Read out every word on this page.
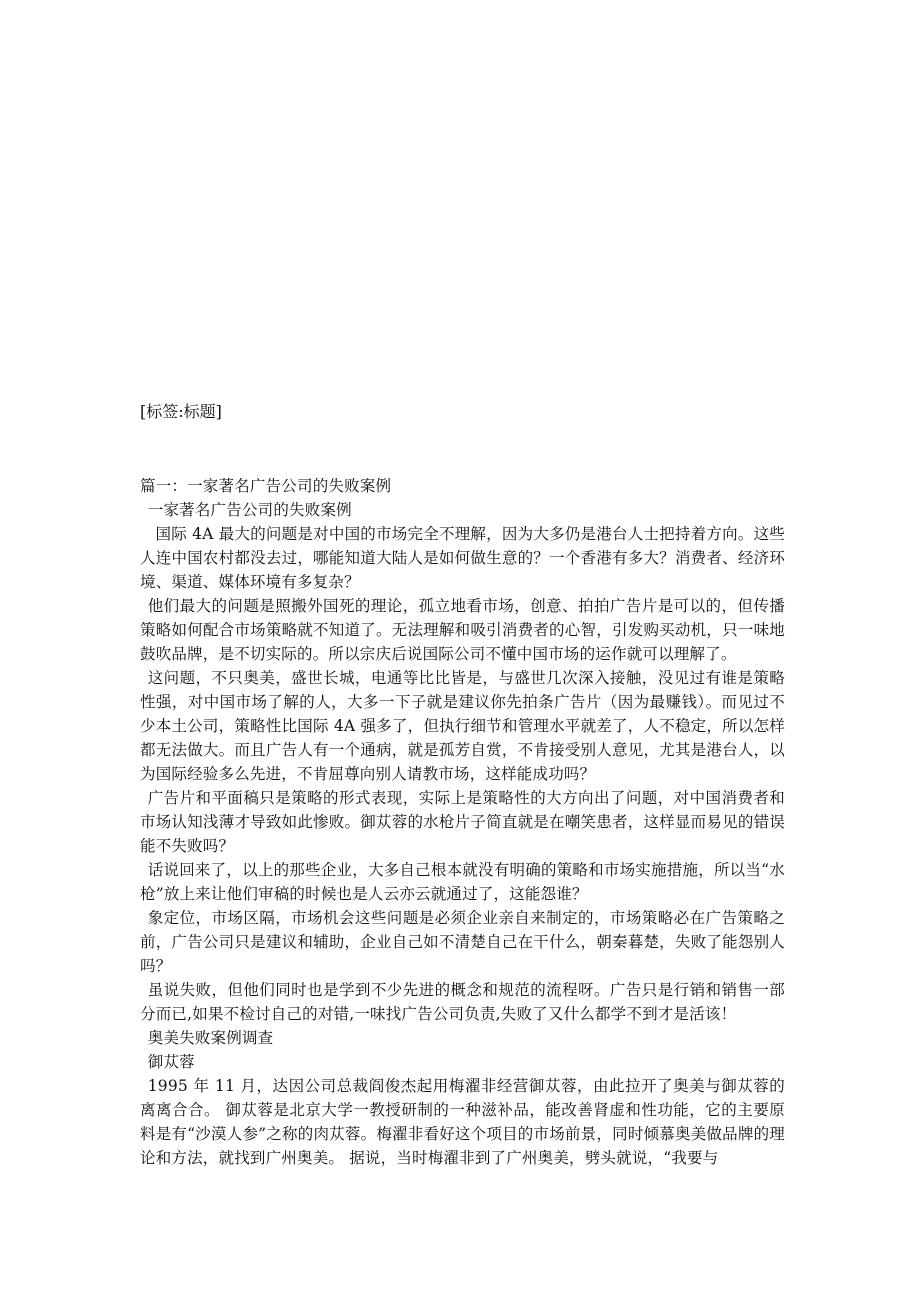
[标签:标题]

篇一：一家著名广告公司的失败案例

一家著名广告公司的失败案例

国际 4A 最大的问题是对中国的市场完全不理解，因为大多仍是港台人士把持着方向。这些人连中国农村都没去过，哪能知道大陆人是如何做生意的？一个香港有多大？消费者、经济环境、渠道、媒体环境有多复杂？

他们最大的问题是照搬外国死的理论，孤立地看市场，创意、拍拍广告片是可以的，但传播策略如何配合市场策略就不知道了。无法理解和吸引消费者的心智，引发购买动机，只一味地鼓吹品牌，是不切实际的。所以宗庆后说国际公司不懂中国市场的运作就可以理解了。

这问题，不只奥美，盛世长城，电通等比比皆是，与盛世几次深入接触，没见过有谁是策略性强，对中国市场了解的人，大多一下子就是建议你先拍条广告片（因为最赚钱）。而见过不少本土公司，策略性比国际 4A 强多了，但执行细节和管理水平就差了，人不稳定，所以怎样都无法做大。而且广告人有一个通病，就是孤芳自赏，不肯接受别人意见，尤其是港台人，以为国际经验多么先进，不肯屈尊向别人请教市场，这样能成功吗？

广告片和平面稿只是策略的形式表现，实际上是策略性的大方向出了问题，对中国消费者和市场认知浅薄才导致如此惨败。御苁蓉的水枪片子简直就是在嘲笑患者，这样显而易见的错误能不失败吗？

话说回来了，以上的那些企业，大多自己根本就没有明确的策略和市场实施措施，所以当“水枪”放上来让他们审稿的时候也是人云亦云就通过了，这能怨谁？

象定位，市场区隔，市场机会这些问题是必须企业亲自来制定的，市场策略必在广告策略之前，广告公司只是建议和辅助，企业自己如不清楚自己在干什么，朝秦暮楚，失败了能怨别人吗？

虽说失败，但他们同时也是学到不少先进的概念和规范的流程呀。广告只是行销和销售一部分而已,如果不检讨自己的对错,一味找广告公司负责,失败了又什么都学不到才是活该！

奥美失败案例调查

御苁蓉

1995 年 11 月，达因公司总裁阎俊杰起用梅濯非经营御苁蓉，由此拉开了奥美与御苁蓉的离离合合。 御苁蓉是北京大学一教授研制的一种滋补品，能改善肾虚和性功能，它的主要原料是有“沙漠人参”之称的肉苁蓉。梅濯非看好这个项目的市场前景，同时倾慕奥美做品牌的理论和方法，就找到广州奥美。 据说，当时梅濯非到了广州奥美，劈头就说，“我要与
